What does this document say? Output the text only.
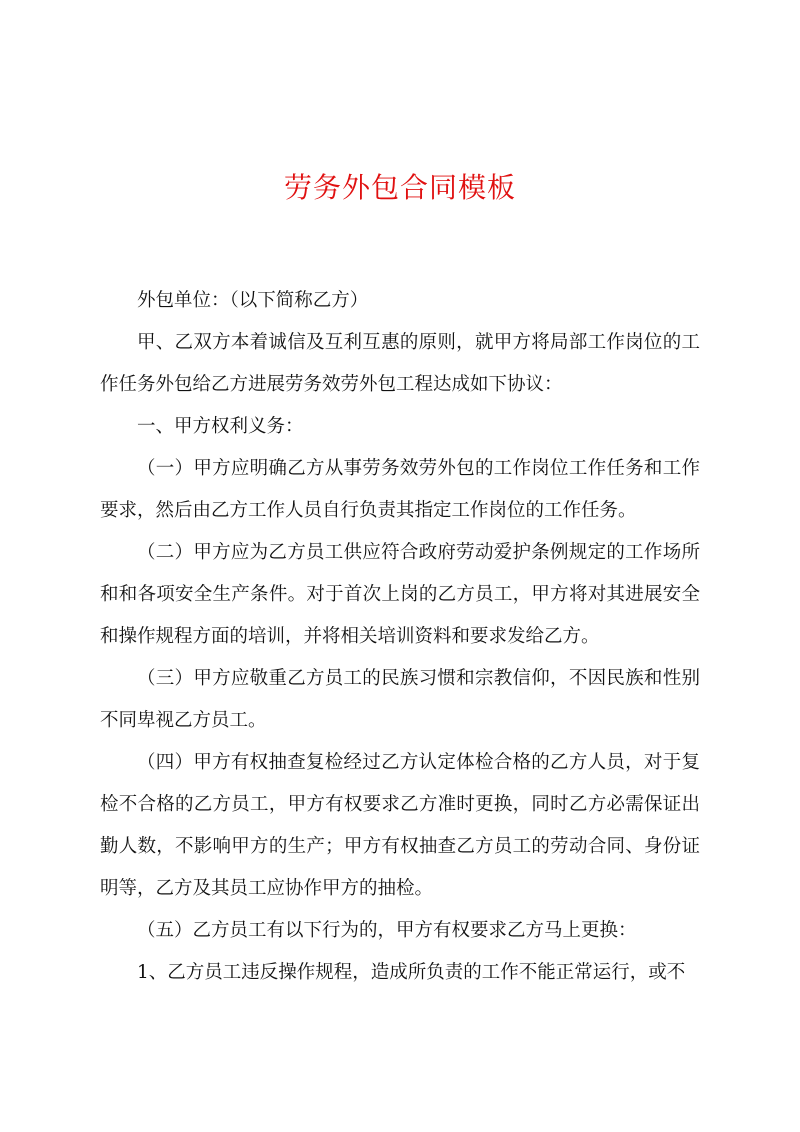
劳务外包合同模板

外包单位：（以下简称乙方）

甲、乙双方本着诚信及互利互惠的原则，就甲方将局部工作岗位的工作任务外包给乙方进展劳务效劳外包工程达成如下协议：

一、甲方权利义务：

（一）甲方应明确乙方从事劳务效劳外包的工作岗位工作任务和工作要求，然后由乙方工作人员自行负责其指定工作岗位的工作任务。

（二）甲方应为乙方员工供应符合政府劳动爱护条例规定的工作场所和和各项安全生产条件。对于首次上岗的乙方员工，甲方将对其进展安全和操作规程方面的培训，并将相关培训资料和要求发给乙方。

（三）甲方应敬重乙方员工的民族习惯和宗教信仰，不因民族和性别不同卑视乙方员工。

（四）甲方有权抽查复检经过乙方认定体检合格的乙方人员，对于复检不合格的乙方员工，甲方有权要求乙方准时更换，同时乙方必需保证出勤人数，不影响甲方的生产；甲方有权抽查乙方员工的劳动合同、身份证明等，乙方及其员工应协作甲方的抽检。

（五）乙方员工有以下行为的，甲方有权要求乙方马上更换：

1、乙方员工违反操作规程，造成所负责的工作不能正常运行，或不
